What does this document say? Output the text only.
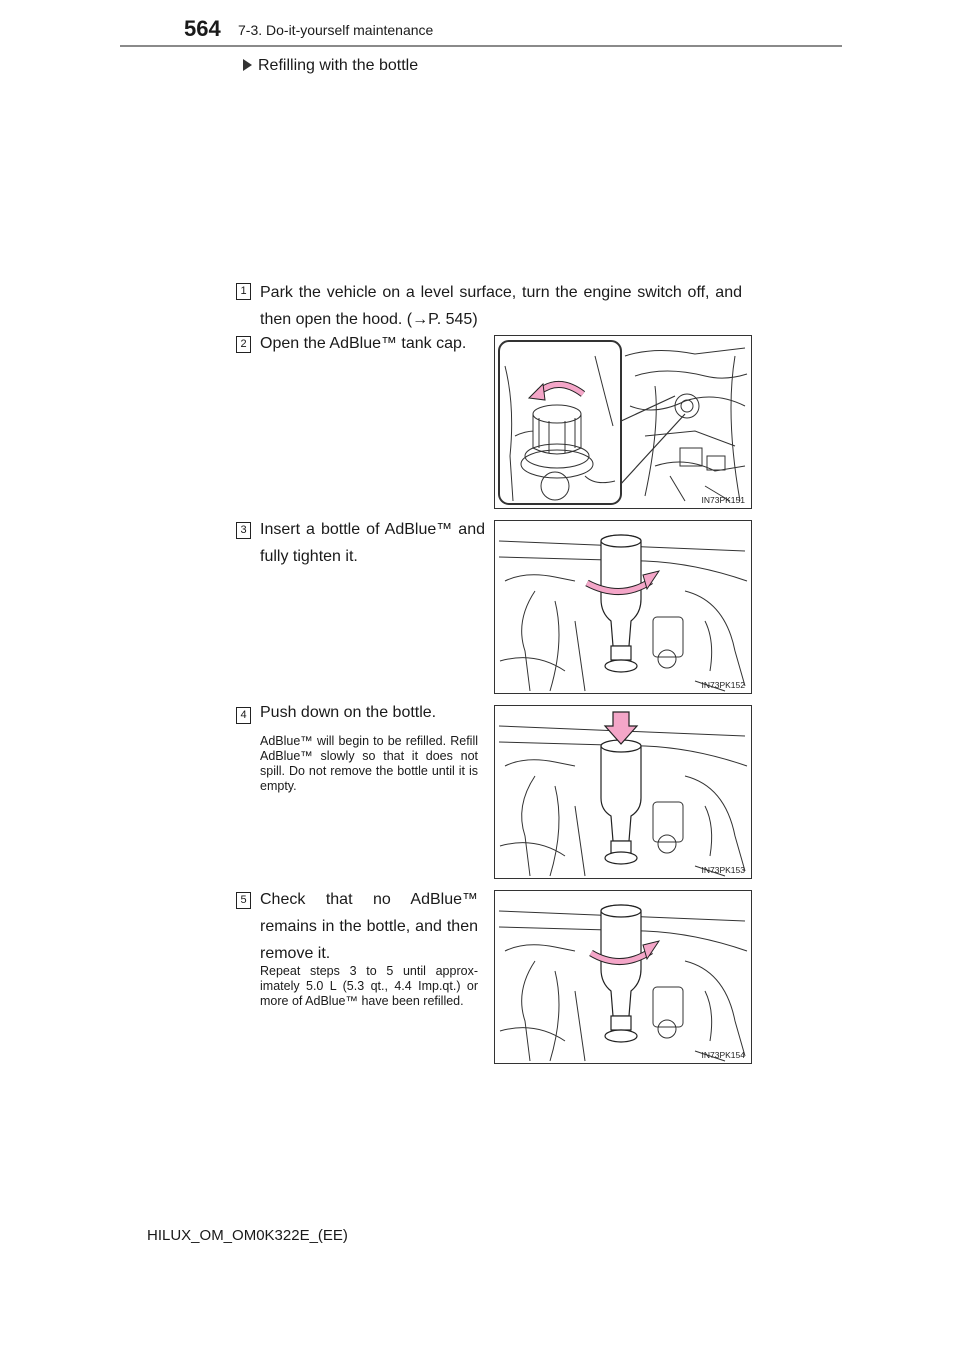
564 7-3. Do-it-yourself maintenance
Refilling with the bottle
1 Park the vehicle on a level surface, turn the engine switch off, and then open the hood. (→P. 545)
2 Open the AdBlue™ tank cap.
IN73PK151
3 Insert a bottle of AdBlue™ and fully tighten it.
IN73PK152
4 Push down on the bottle.
AdBlue™ will begin to be refilled. Refill AdBlue™ slowly so that it does not spill. Do not remove the bottle until it is empty.
IN73PK153
5 Check that no AdBlue™ remains in the bottle, and then remove it.
Repeat steps 3 to 5 until approx-imately 5.0 L (5.3 qt., 4.4 Imp.qt.) or more of AdBlue™ have been refilled.
IN73PK154
HILUX_OM_OM0K322E_(EE)
